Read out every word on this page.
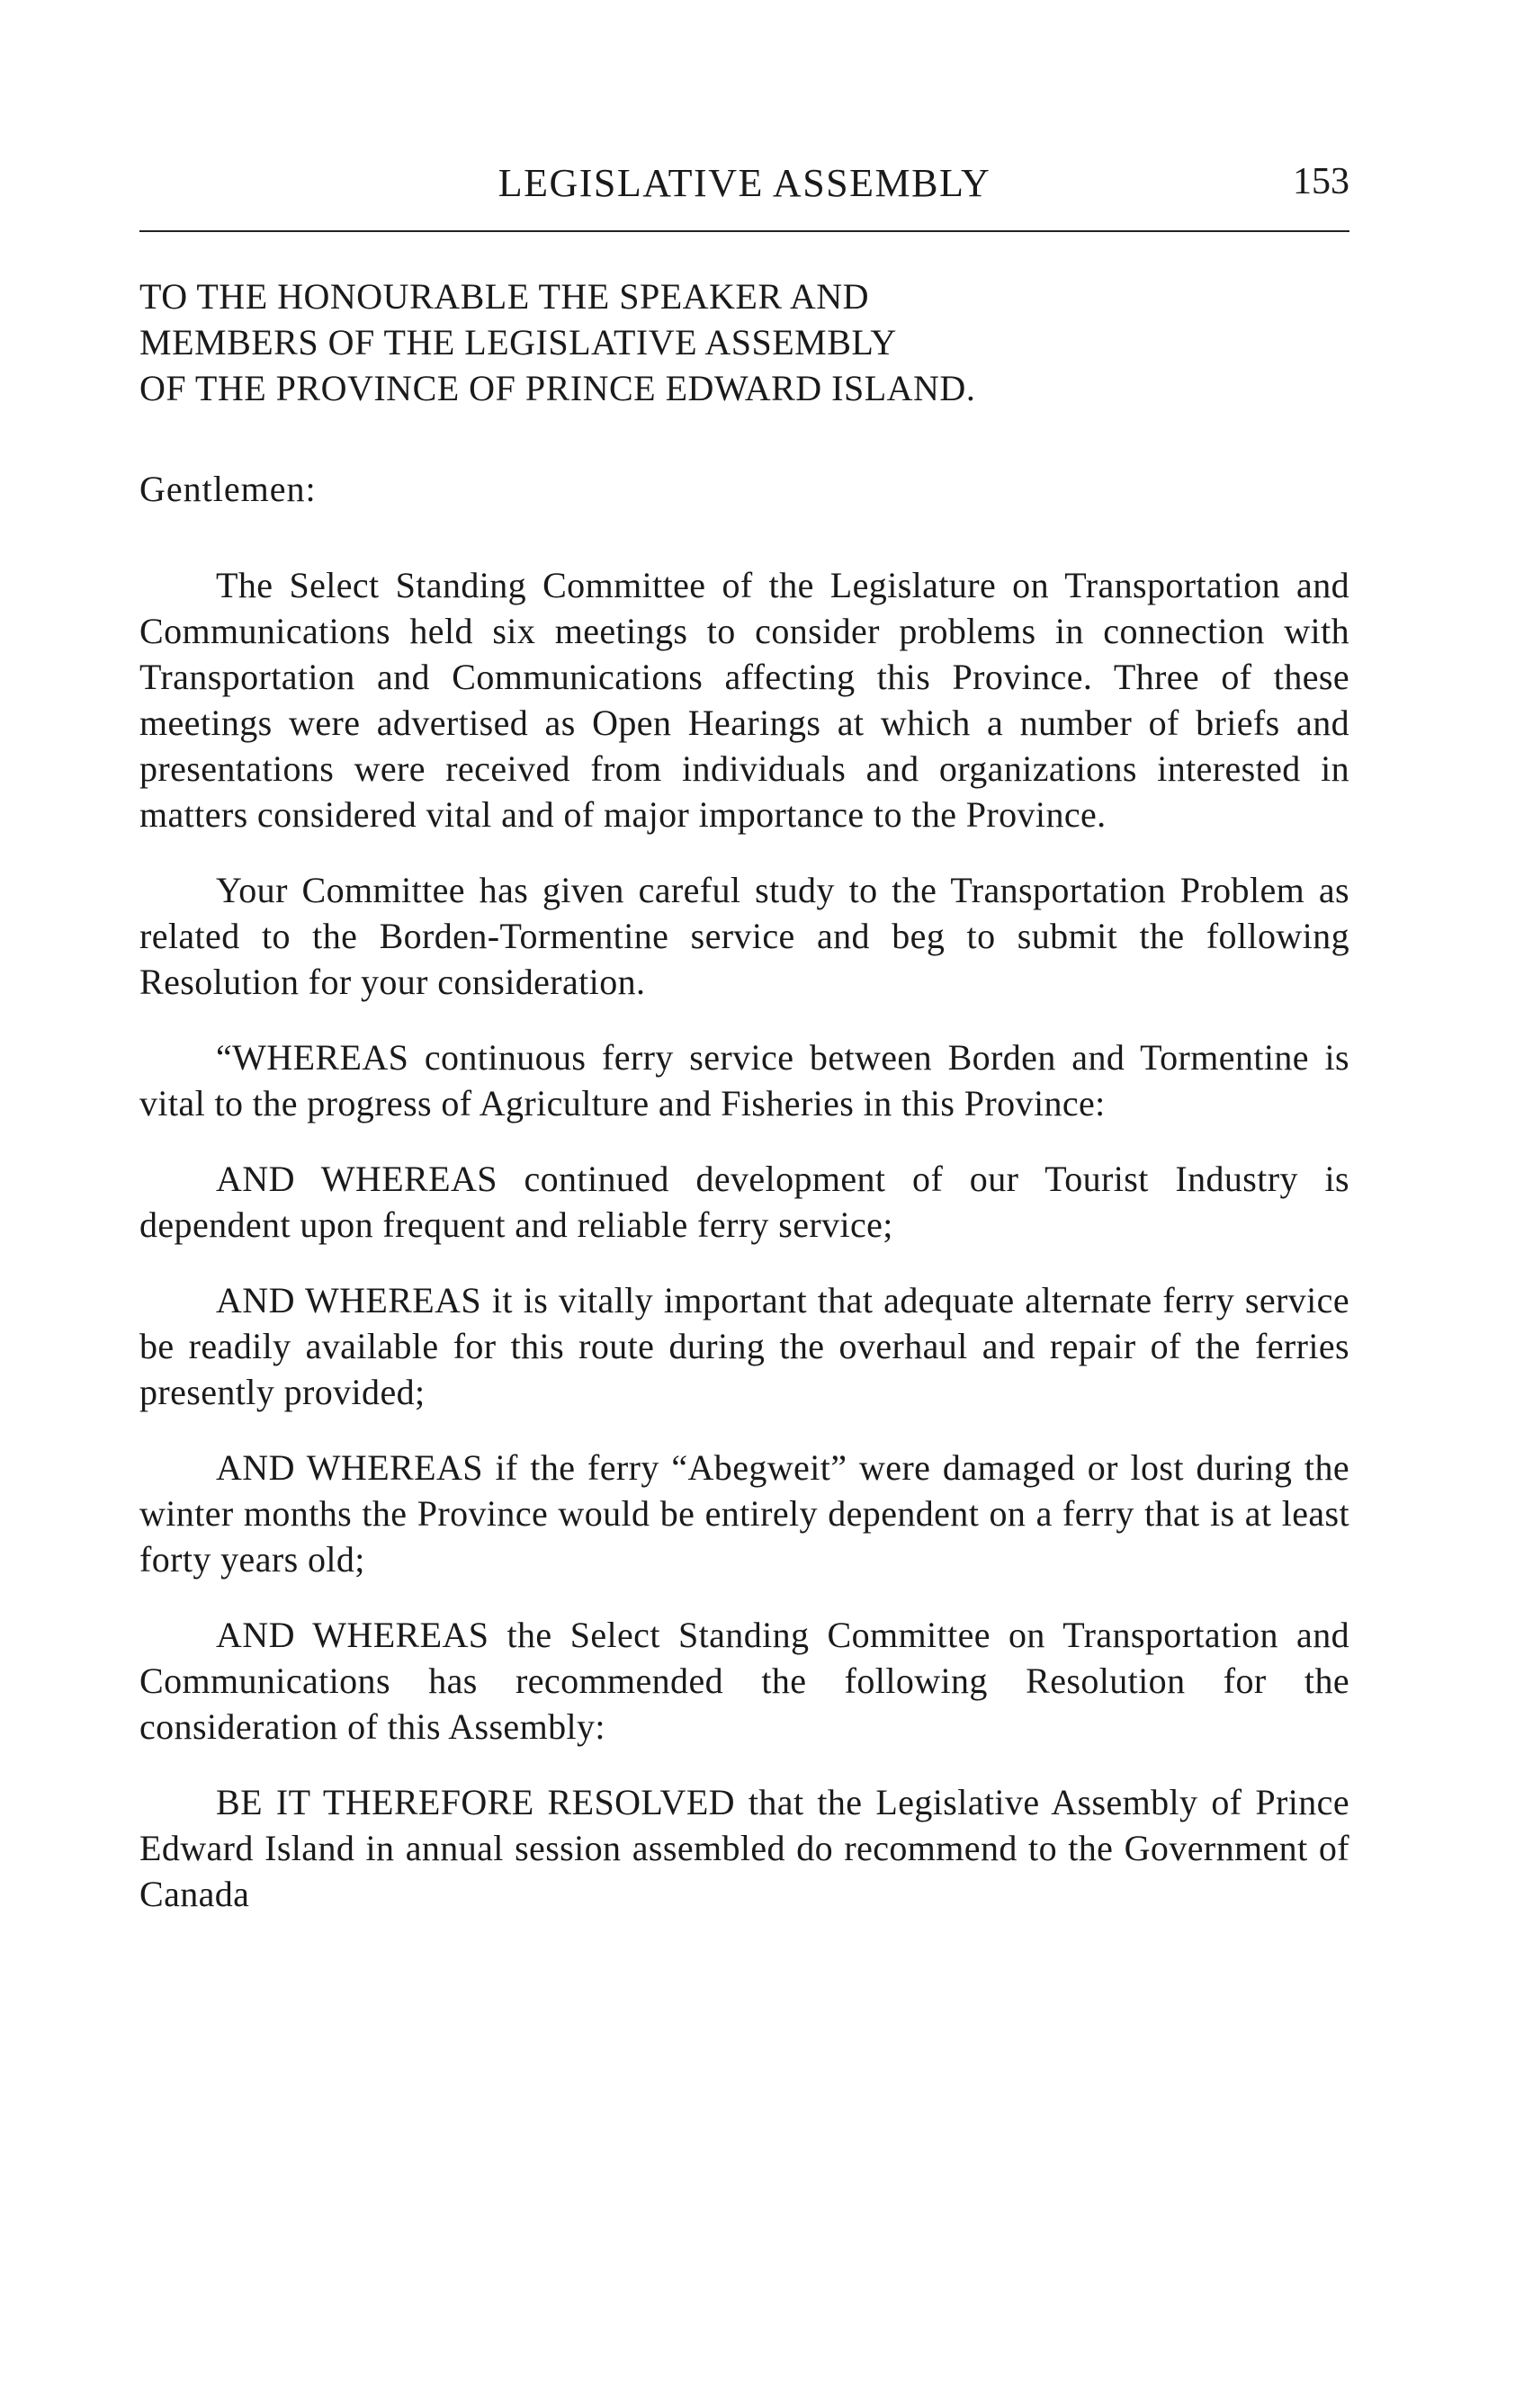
LEGISLATIVE ASSEMBLY	153
TO THE HONOURABLE THE SPEAKER AND
MEMBERS OF THE LEGISLATIVE ASSEMBLY
OF THE PROVINCE OF PRINCE EDWARD ISLAND.

Gentlemen:

The Select Standing Committee of the Legislature on Transportation and Communications held six meetings to consider problems in connection with Transportation and Communications affecting this Province. Three of these meetings were advertised as Open Hearings at which a number of briefs and presentations were received from individuals and organizations interested in matters considered vital and of major importance to the Province.

Your Committee has given careful study to the Transportation Problem as related to the Borden-Tormentine service and beg to submit the following Resolution for your consideration.

“WHEREAS continuous ferry service between Borden and Tormentine is vital to the progress of Agriculture and Fisheries in this Province:

AND WHEREAS continued development of our Tourist Industry is dependent upon frequent and reliable ferry service;

AND WHEREAS it is vitally important that adequate alternate ferry service be readily available for this route during the overhaul and repair of the ferries presently provided;

AND WHEREAS if the ferry “Abegweit” were damaged or lost during the winter months the Province would be entirely dependent on a ferry that is at least forty years old;

AND WHEREAS the Select Standing Committee on Transportation and Communications has recommended the following Resolution for the consideration of this Assembly:

BE IT THEREFORE RESOLVED that the Legislative Assembly of Prince Edward Island in annual session assembled do recommend to the Government of Canada
